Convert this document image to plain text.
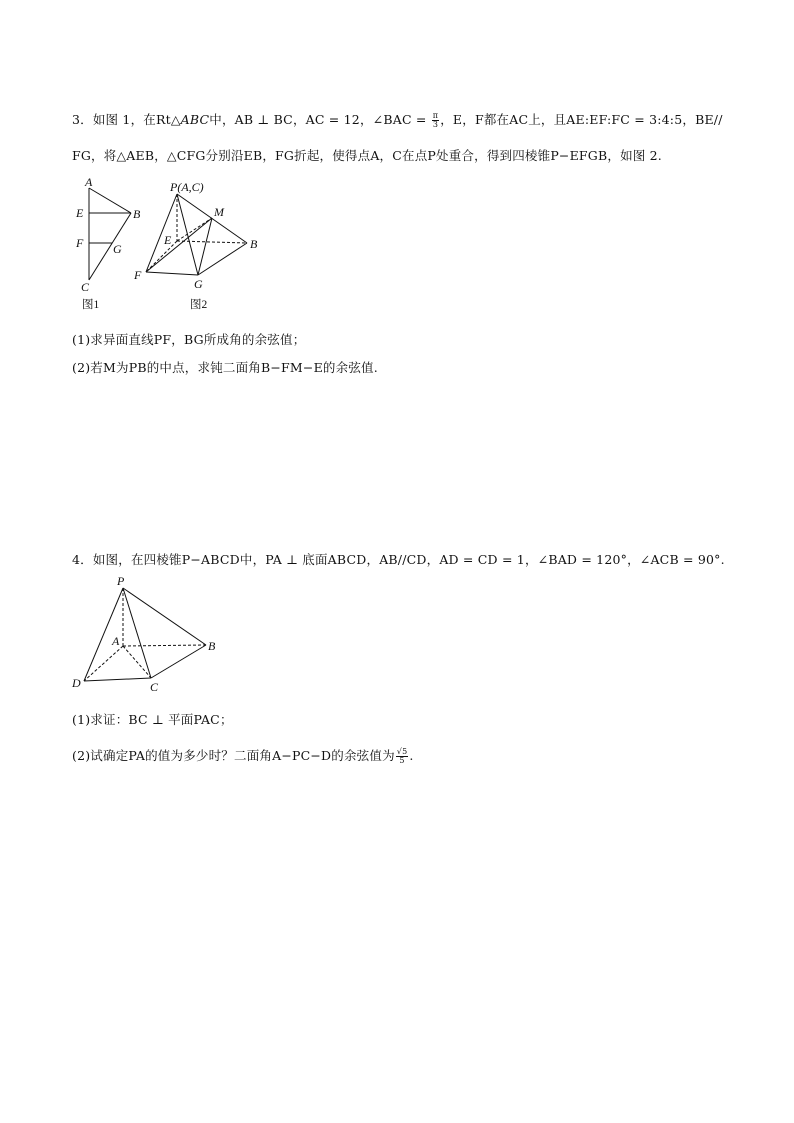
3．如图 1，在Rt△ABC中，AB ⊥ BC，AC = 12，∠BAC = $\frac{\pi}{3}$ ，E，F都在AC上，且AE:EF:FC = 3:4:5，BE//
FG，将△AEB，△CFG分别沿EB，FG折起，使得点A，C在点P处重合，得到四棱锥P−EFGB，如图 2.
A
E	B
F G
C
图1
P(A,C)
M
E	B
F
G
图2
(1)求异面直线PF，BG所成角的余弦值；
(2)若M为PB的中点，求钝二面角B−FM−E的余弦值.
4．如图，在四棱锥P−ABCD中，PA ⊥ 底面ABCD，AB//CD，AD = CD = 1，∠BAD = 120°，∠ACB = 90°.
P
A	B
D	C
(1)求证：BC ⊥ 平面PAC；
(2)试确定PA的值为多少时？二面角A−PC−D的余弦值为 $\frac{√5}{5}$ .
